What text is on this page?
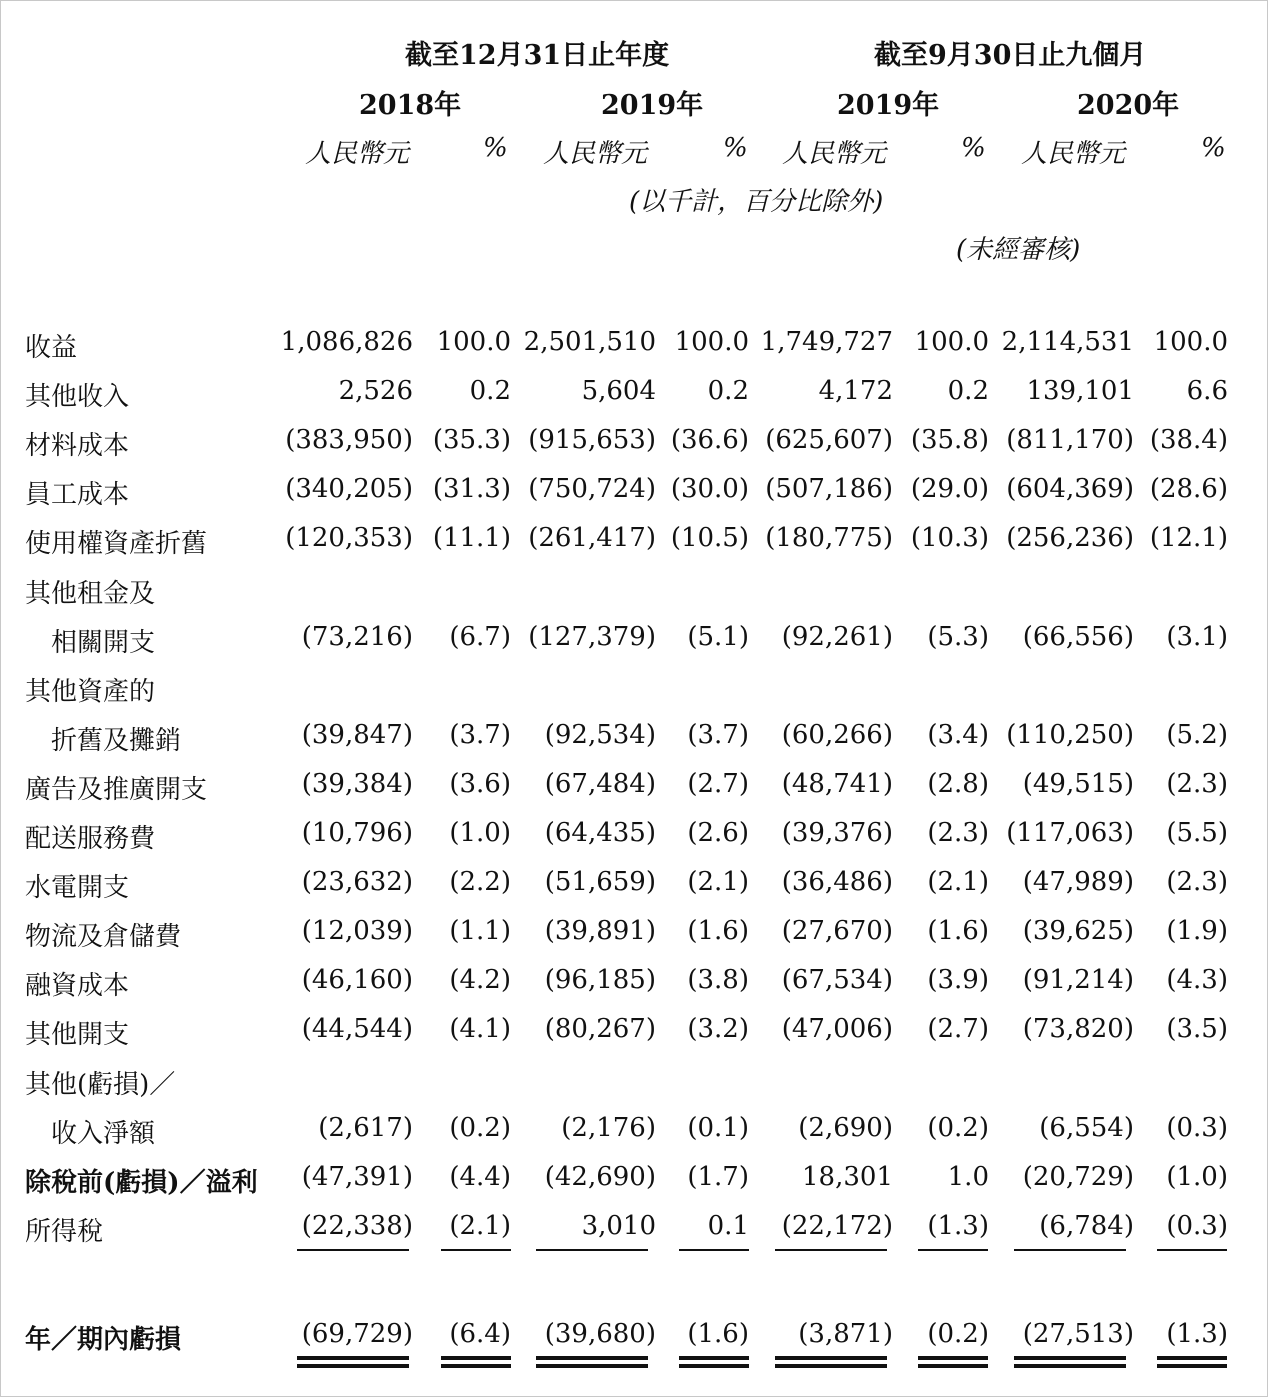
截至12月31日止年度	截至9月30日止九個月
2018年	2019年	2019年	2020年
人民幣元	% 人民幣元	% 人民幣元	% 人民幣元	%
(以千計，百分比除外)
(未經審核)
收益	1,086,826 100.0 2,501,510 100.0 1,749,727 100.0 2,114,531 100.0
其他收入	2,526	0.2	5,604	0.2	4,172	0.2	139,101	6.6
材料成本	(383,950) (35.3) (915,653) (36.6) (625,607) (35.8) (811,170) (38.4)
員工成本	(340,205) (31.3) (750,724) (30.0) (507,186) (29.0) (604,369) (28.6)
使用權資產折舊	(120,353) (11.1) (261,417) (10.5) (180,775) (10.3) (256,236) (12.1)
其他租金及
相關開支	(73,216)	(6.7) (127,379)	(5.1)	(92,261)	(5.3)	(66,556)	(3.1)
其他資產的
折舊及攤銷	(39,847)	(3.7)	(92,534)	(3.7)	(60,266)	(3.4) (110,250)	(5.2)
廣告及推廣開支	(39,384)	(3.6)	(67,484)	(2.7)	(48,741)	(2.8)	(49,515)	(2.3)
配送服務費	(10,796)	(1.0)	(64,435)	(2.6)	(39,376)	(2.3) (117,063)	(5.5)
水電開支	(23,632)	(2.2)	(51,659)	(2.1)	(36,486)	(2.1)	(47,989)	(2.3)
物流及倉儲費	(12,039)	(1.1)	(39,891)	(1.6)	(27,670)	(1.6)	(39,625)	(1.9)
融資成本	(46,160)	(4.2)	(96,185)	(3.8)	(67,534)	(3.9)	(91,214)	(4.3)
其他開支	(44,544)	(4.1)	(80,267)	(3.2)	(47,006)	(2.7)	(73,820)	(3.5)
其他(虧損)／
收入淨額	(2,617)	(0.2)	(2,176)	(0.1)	(2,690)	(0.2)	(6,554)	(0.3)
除稅前(虧損)／溢利	(47,391)	(4.4)	(42,690)	(1.7)	18,301	1.0	(20,729)	(1.0)
所得稅	(22,338)	(2.1)	3,010	0.1	(22,172)	(1.3)	(6,784)	(0.3)
年／期內虧損	(69,729)	(6.4)	(39,680)	(1.6)	(3,871)	(0.2)	(27,513)	(1.3)
